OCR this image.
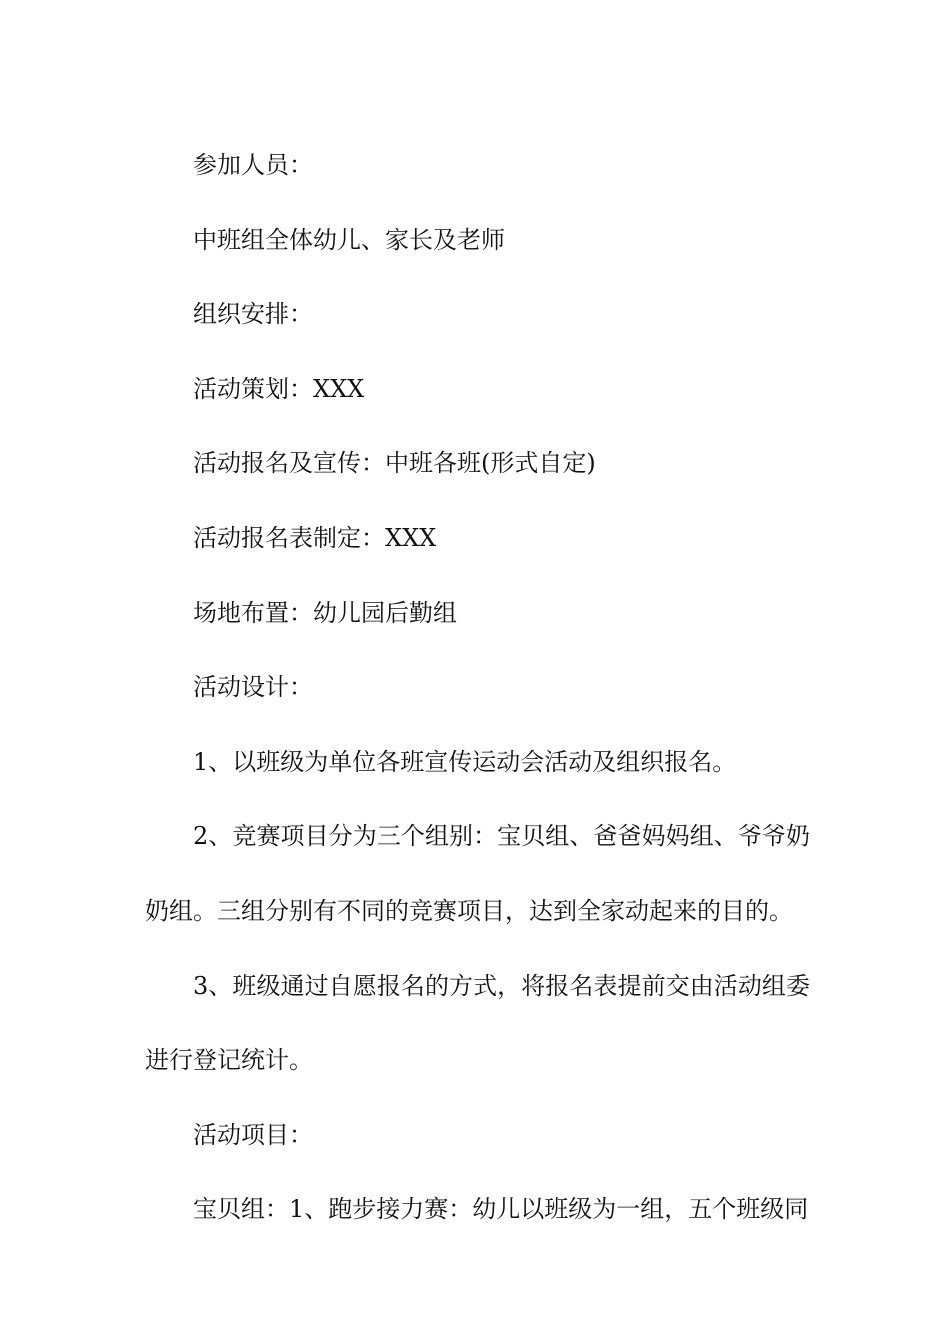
参加人员：

中班组全体幼儿、家长及老师

组织安排：

活动策划：XXX

活动报名及宣传：中班各班(形式自定)

活动报名表制定：XXX

场地布置：幼儿园后勤组

活动设计：

1、以班级为单位各班宣传运动会活动及组织报名。

2、竞赛项目分为三个组别：宝贝组、爸爸妈妈组、爷爷奶奶组。三组分别有不同的竞赛项目，达到全家动起来的目的。

3、班级通过自愿报名的方式，将报名表提前交由活动组委进行登记统计。

活动项目：

宝贝组：1、跑步接力赛：幼儿以班级为一组，五个班级同
